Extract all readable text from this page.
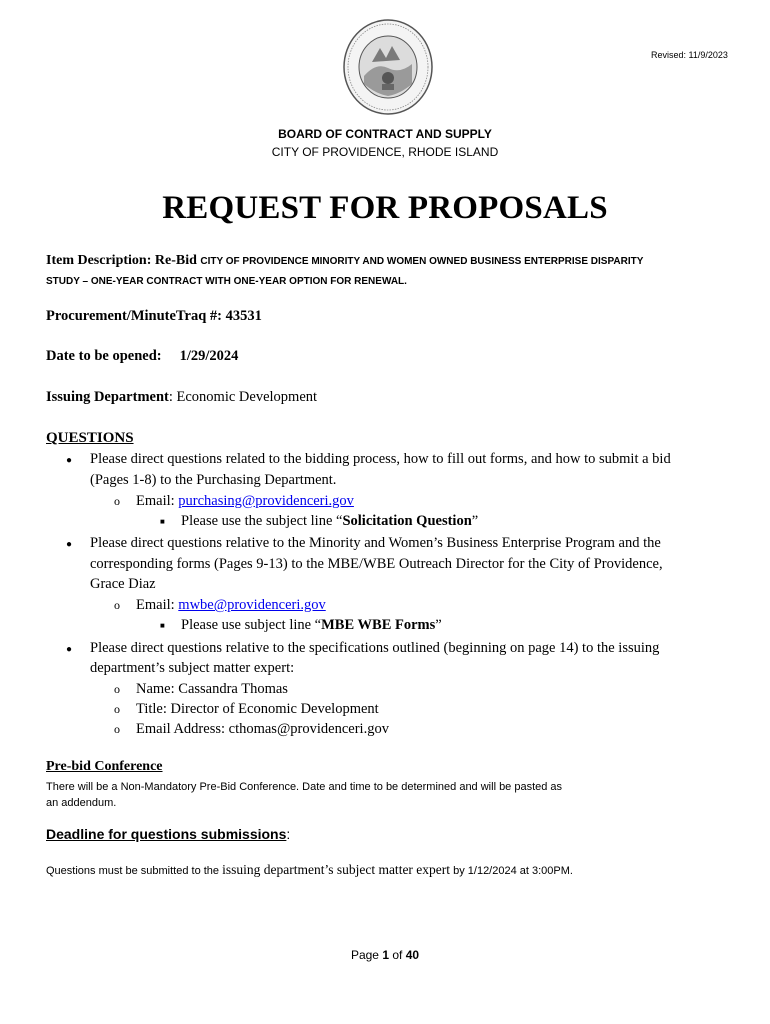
Revised: 11/9/2023
BOARD OF CONTRACT AND SUPPLY
CITY OF PROVIDENCE, RHODE ISLAND
REQUEST FOR PROPOSALS
Item Description: Re-Bid CITY OF PROVIDENCE MINORITY AND WOMEN OWNED BUSINESS ENTERPRISE DISPARITY
STUDY – ONE-YEAR CONTRACT WITH ONE-YEAR OPTION FOR RENEWAL.
Procurement/MinuteTraq #: 43531
Date to be opened: 1/29/2024
Issuing Department: Economic Development
QUESTIONS
● Please direct questions related to the bidding process, how to fill out forms, and how to submit a bid
(Pages 1-8) to the Purchasing Department.
o Email: purchasing@providenceri.gov
■ Please use the subject line “Solicitation Question”
● Please direct questions relative to the Minority and Women’s Business Enterprise Program and the
corresponding forms (Pages 9-13) to the MBE/WBE Outreach Director for the City of Providence,
Grace Diaz
o Email: mwbe@providenceri.gov
■ Please use subject line “MBE WBE Forms”
● Please direct questions relative to the specifications outlined (beginning on page 14) to the issuing
department’s subject matter expert:
o Name: Cassandra Thomas
o Title: Director of Economic Development
o Email Address: cthomas@providenceri.gov
Pre-bid Conference
There will be a Non-Mandatory Pre-Bid Conference. Date and time to be determined and will be pasted as
an addendum.
Deadline for questions submissions:
Questions must be submitted to the issuing department’s subject matter expert by 1/12/2024 at 3:00PM.
Page 1 of 40
